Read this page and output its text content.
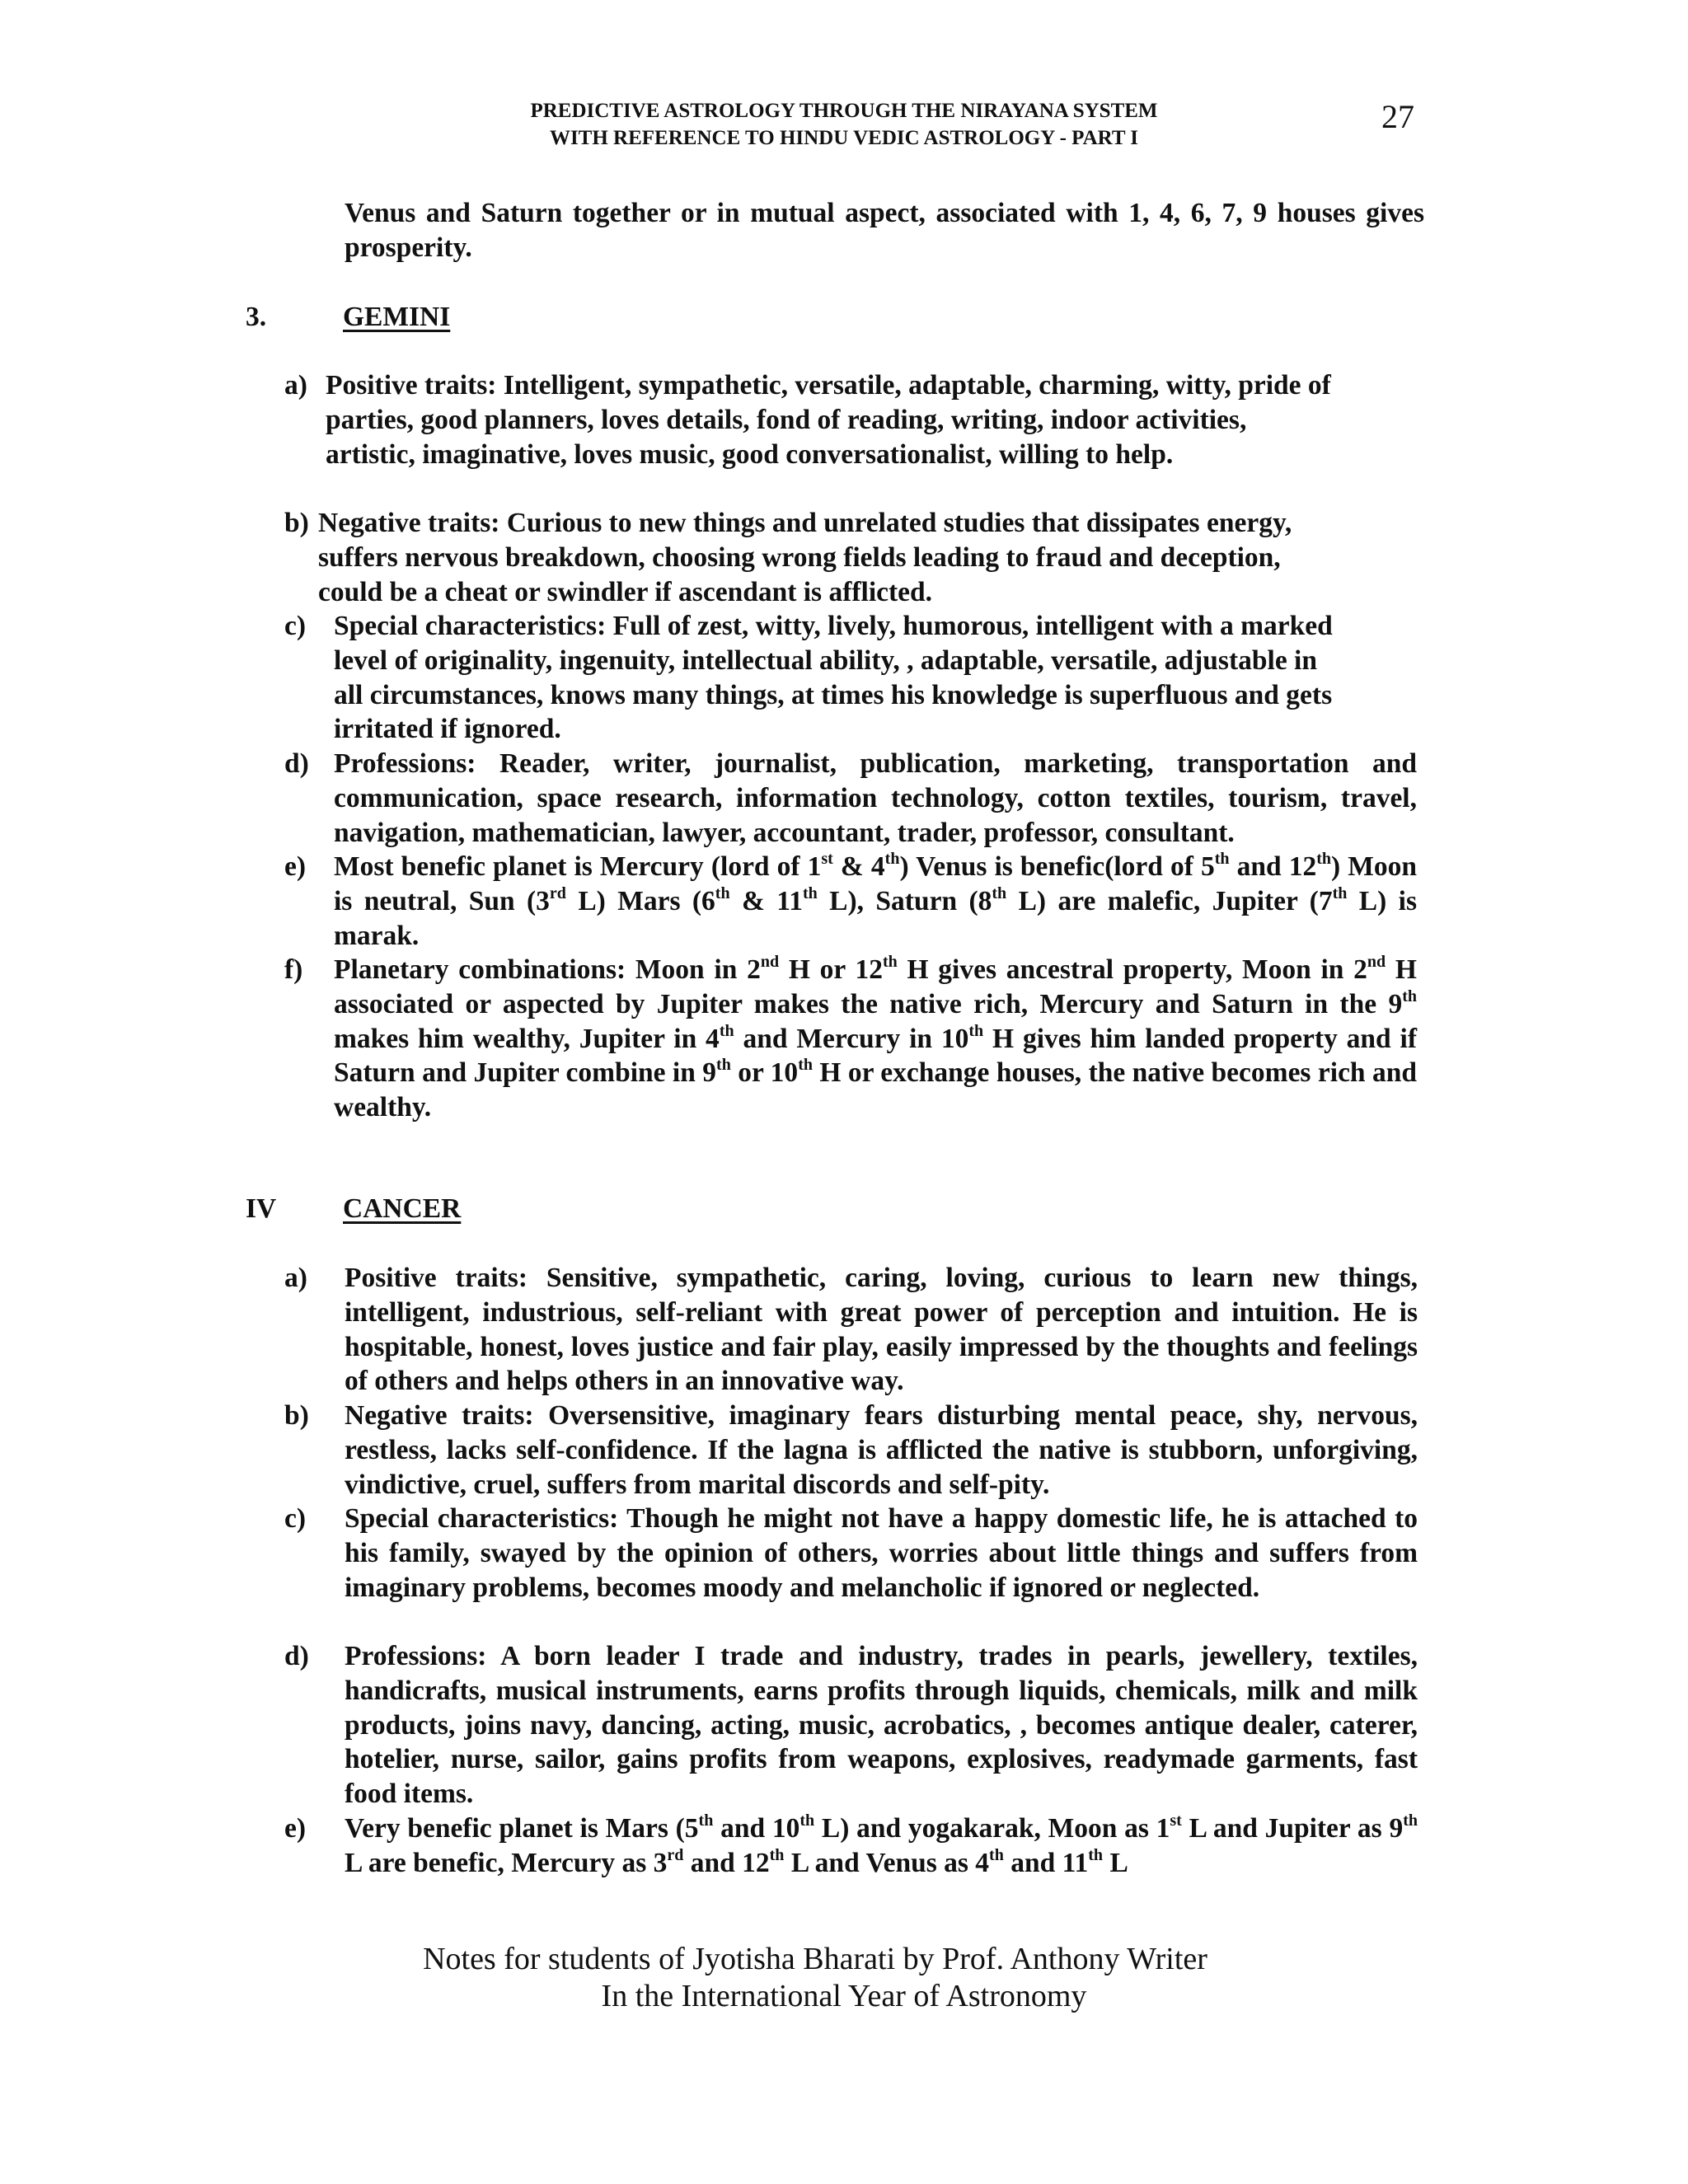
PREDICTIVE ASTROLOGY THROUGH THE NIRAYANA SYSTEM
WITH REFERENCE TO HINDU VEDIC ASTROLOGY - PART I
27
Venus and Saturn together or in mutual aspect, associated with 1, 4, 6, 7, 9 houses gives prosperity.
3.	GEMINI
a) Positive traits: Intelligent, sympathetic, versatile, adaptable, charming, witty, pride of parties, good planners, loves details, fond of reading, writing, indoor activities, artistic, imaginative, loves music, good conversationalist, willing to help.
b) Negative traits: Curious to new things and unrelated studies that dissipates energy, suffers nervous breakdown, choosing wrong fields leading to fraud and deception, could be a cheat or swindler if ascendant is afflicted.
c) Special characteristics: Full of zest, witty, lively, humorous, intelligent with a marked level of originality, ingenuity, intellectual ability, , adaptable, versatile, adjustable in all circumstances, knows many things, at times his knowledge is superfluous and gets irritated if ignored.
d) Professions: Reader, writer, journalist, publication, marketing, transportation and communication, space research, information technology, cotton textiles, tourism, travel, navigation, mathematician, lawyer, accountant, trader, professor, consultant.
e) Most benefic planet is Mercury (lord of 1st & 4th) Venus is benefic(lord of 5th and 12th) Moon is neutral, Sun (3rd L) Mars (6th & 11th L), Saturn (8th L) are malefic, Jupiter (7th L) is marak.
f) Planetary combinations: Moon in 2nd H or 12th H gives ancestral property, Moon in 2nd H associated or aspected by Jupiter makes the native rich, Mercury and Saturn in the 9th makes him wealthy, Jupiter in 4th and Mercury in 10th H gives him landed property and if Saturn and Jupiter combine in 9th or 10th H or exchange houses, the native becomes rich and wealthy.
IV CANCER
a) Positive traits: Sensitive, sympathetic, caring, loving, curious to learn new things, intelligent, industrious, self-reliant with great power of perception and intuition. He is hospitable, honest, loves justice and fair play, easily impressed by the thoughts and feelings of others and helps others in an innovative way.
b) Negative traits: Oversensitive, imaginary fears disturbing mental peace, shy, nervous, restless, lacks self-confidence. If the lagna is afflicted the native is stubborn, unforgiving, vindictive, cruel, suffers from marital discords and self-pity.
c) Special characteristics: Though he might not have a happy domestic life, he is attached to his family, swayed by the opinion of others, worries about little things and suffers from imaginary problems, becomes moody and melancholic if ignored or neglected.
d) Professions: A born leader I trade and industry, trades in pearls, jewellery, textiles, handicrafts, musical instruments, earns profits through liquids, chemicals, milk and milk products, joins navy, dancing, acting, music, acrobatics, , becomes antique dealer, caterer, hotelier, nurse, sailor, gains profits from weapons, explosives, readymade garments, fast food items.
e) Very benefic planet is Mars (5th and 10th L) and yogakarak, Moon as 1st L and Jupiter as 9th L are benefic, Mercury as 3rd and 12th L and Venus as 4th and 11th L
Notes for students of Jyotisha Bharati by Prof. Anthony Writer
In the International Year of Astronomy
